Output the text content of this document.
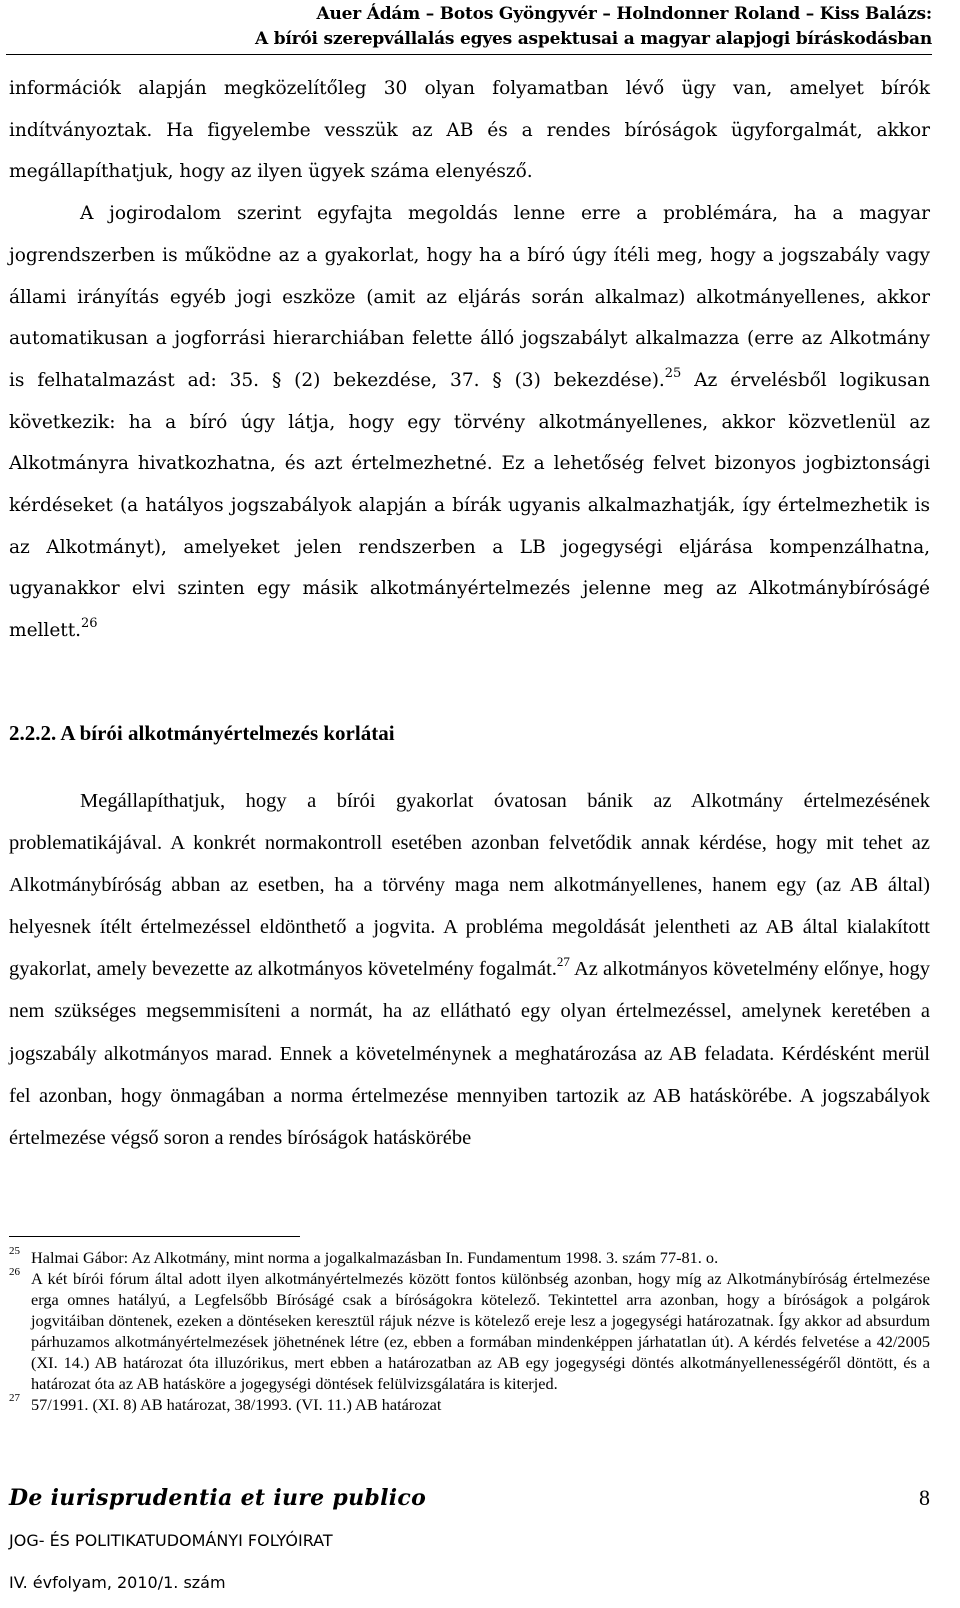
Auer Ádám – Botos Gyöngyvér – Holndonner Roland – Kiss Balázs:
A bírói szerepvállalás egyes aspektusai a magyar alapjogi bíráskodásban

információk alapján megközelítőleg 30 olyan folyamatban lévő ügy van, amelyet bírók indítványoztak. Ha figyelembe vesszük az AB és a rendes bíróságok ügyforgalmát, akkor megállapíthatjuk, hogy az ilyen ügyek száma elenyésző.

A jogirodalom szerint egyfajta megoldás lenne erre a problémára, ha a magyar jogrendszerben is működne az a gyakorlat, hogy ha a bíró úgy ítéli meg, hogy a jogszabály vagy állami irányítás egyéb jogi eszköze (amit az eljárás során alkalmaz) alkotmányellenes, akkor automatikusan a jogforrási hierarchiában felette álló jogszabályt alkalmazza (erre az Alkotmány is felhatalmazást ad: 35. § (2) bekezdése, 37. § (3) bekezdése).$^{25}$ Az érvelésből logikusan következik: ha a bíró úgy látja, hogy egy törvény alkotmányellenes, akkor közvetlenül az Alkotmányra hivatkozhatna, és azt értelmezhetné. Ez a lehetőség felvet bizonyos jogbiztonsági kérdéseket (a hatályos jogszabályok alapján a bírák ugyanis alkalmazhatják, így értelmezhetik is az Alkotmányt), amelyeket jelen rendszerben a LB jogegységi eljárása kompenzálhatna, ugyanakkor elvi szinten egy másik alkotmányértelmezés jelenne meg az Alkotmánybíróságé mellett.$^{26}$

2.2.2. A bírói alkotmányértelmezés korlátai

Megállapíthatjuk, hogy a bírói gyakorlat óvatosan bánik az Alkotmány értelmezésének problematikájával. A konkrét normakontroll esetében azonban felvetődik annak kérdése, hogy mit tehet az Alkotmánybíróság abban az esetben, ha a törvény maga nem alkotmányellenes, hanem egy (az AB által) helyesnek ítélt értelmezéssel eldönthető a jogvita. A probléma megoldását jelentheti az AB által kialakított gyakorlat, amely bevezette az alkotmányos követelmény fogalmát.$^{27}$ Az alkotmányos követelmény előnye, hogy nem szükséges megsemmisíteni a normát, ha az ellátható egy olyan értelmezéssel, amelynek keretében a jogszabály alkotmányos marad. Ennek a követelménynek a meghatározása az AB feladata. Kérdésként merül fel azonban, hogy önmagában a norma értelmezése mennyiben tartozik az AB hatáskörébe. A jogszabályok értelmezése végső soron a rendes bíróságok hatáskörébe

25 Halmai Gábor: Az Alkotmány, mint norma a jogalkalmazásban In. Fundamentum 1998. 3. szám 77-81. o.

26 A két bírói fórum által adott ilyen alkotmányértelmezés között fontos különbség azonban, hogy míg az Alkotmánybíróság értelmezése erga omnes hatályú, a Legfelsőbb Bíróságé csak a bíróságokra kötelező. Tekintettel arra azonban, hogy a bíróságok a polgárok jogvitáiban döntenek, ezeken a döntéseken keresztül rájuk nézve is kötelező ereje lesz a jogegységi határozatnak. Így akkor ad absurdum párhuzamos alkotmányértelmezések jöhetnének létre (ez, ebben a formában mindenképpen járhatatlan út). A kérdés felvetése a 42/2005 (XI. 14.) AB határozat óta illuzórikus, mert ebben a határozatban az AB egy jogegységi döntés alkotmányellenességéről döntött, és a határozat óta az AB hatásköre a jogegységi döntések felülvizsgálatára is kiterjed.

27 57/1991. (XI. 8) AB határozat, 38/1993. (VI. 11.) AB határozat

De iurisprudentia et iure publico	8
JOG- ÉS POLITIKATUDOMÁNYI FOLYÓIRAT
IV. évfolyam, 2010/1. szám
